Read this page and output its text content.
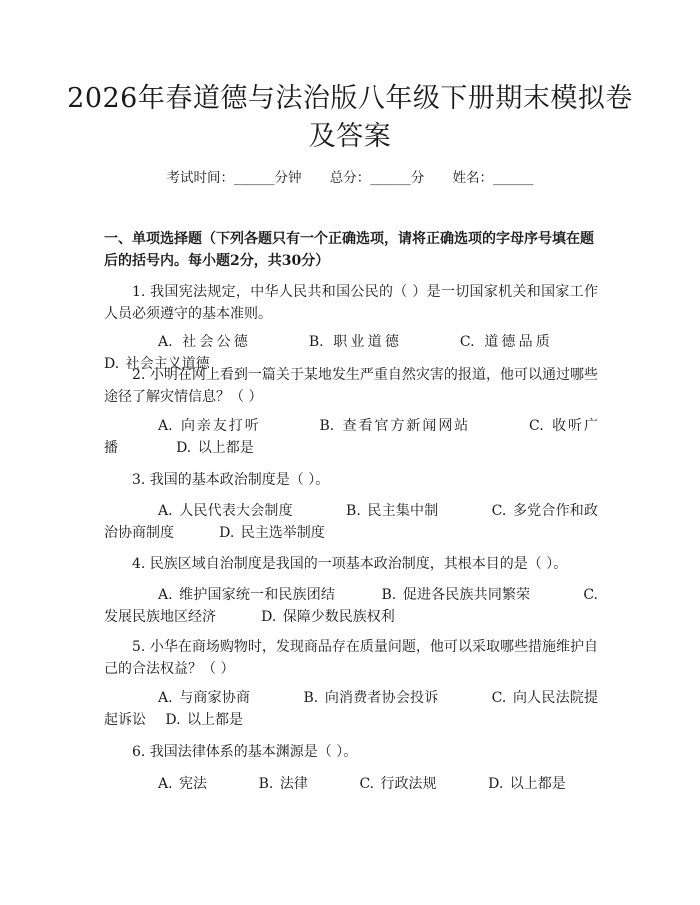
2026年春道德与法治版八年级下册期末模拟卷及答案
考试时间：______分钟 总分：______分 姓名：______
一、单项选择题（下列各题只有一个正确选项，请将正确选项的字母序号填在题后的括号内。每小题2分，共30分）
1. 我国宪法规定，中华人民共和国公民的（ ）是一切国家机关和国家工作人员必须遵守的基本准则。
A. 社会公德	B. 职业道德	C. 道德品质      D. 社会主义道德
2. 小明在网上看到一篇关于某地发生严重自然灾害的报道，他可以通过哪些途径了解灾情信息？（ ）
A. 向亲友打听	B. 查看官方新闻网站	C. 收听广播	D. 以上都是
3. 我国的基本政治制度是（ ）。
A. 人民代表大会制度	B. 民主集中制	C. 多党合作和政治协商制度	D. 民主选举制度
4. 民族区域自治制度是我国的一项基本政治制度，其根本目的是（ ）。
A. 维护国家统一和民族团结	B. 促进各民族共同繁荣	C. 发展民族地区经济	D. 保障少数民族权利
5. 小华在商场购物时，发现商品存在质量问题，他可以采取哪些措施维护自己的合法权益？（ ）
A. 与商家协商	B. 向消费者协会投诉	C. 向人民法院提起诉讼 D. 以上都是
6. 我国法律体系的基本渊源是（ ）。
A. 宪法	B. 法律	C. 行政法规	D. 以上都是
